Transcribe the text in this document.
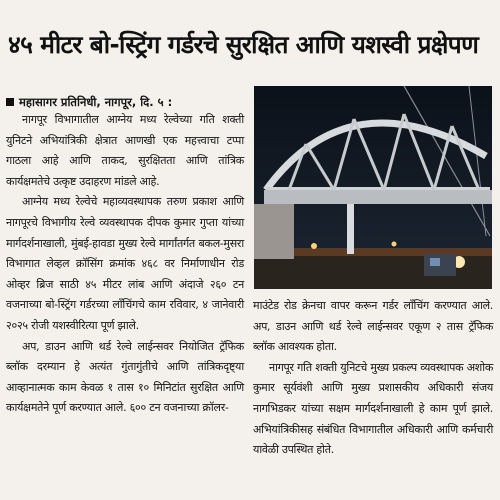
४५ मीटर बो-स्ट्रिंग गर्डरचे सुरक्षित आणि यशस्वी प्रक्षेपण
महासागर प्रतिनिधी, नागपूर, दि. ५ :

नागपूर विभागातील आग्नेय मध्य रेल्वेच्या गति शक्ती युनिटने अभियांत्रिकी क्षेत्रात आणखी एक महत्त्वाचा टप्पा गाठला आहे आणि ताकद, सुरक्षितता आणि तांत्रिक कार्यक्षमतेचे उत्कृष्ट उदाहरण मांडले आहे.

आग्नेय मध्य रेल्वेचे महाव्यवस्थापक तरुण प्रकाश आणि नागपूरचे विभागीय रेल्वे व्यवस्थापक दीपक कुमार गुप्ता यांच्या मार्गदर्शनाखाली, मुंबई-हावडा मुख्य रेल्वे मार्गांतर्गत बकल-मुसरा विभागात लेव्हल क्रॉसिंग क्रमांक ४६८ वर निर्माणाधीन रोड ओव्हर ब्रिज साठी ४५ मीटर लांब आणि अंदाजे २६० टन वजनाच्या बो-स्ट्रिंग गर्डरच्या लॉंचिंगचे काम रविवार, ४ जानेवारी २०२५ रोजी यशस्वीरित्या पूर्ण झाले.

अप, डाउन आणि थर्ड रेल्वे लाईन्सवर नियोजित ट्रॅफिक ब्लॉक दरम्यान हे अत्यंत गुंतागुंतीचे आणि तांत्रिकदृष्ट्या आव्हानात्मक काम केवळ १ तास १० मिनिटांत सुरक्षित आणि कार्यक्षमतेने पूर्ण करण्यात आले. ६०० टन वजनाच्या क्रॉलर-

माउंटेड रोड क्रेनचा वापर करून गर्डर लॉंचिंग करण्यात आले. अप, डाउन आणि थर्ड रेल्वे लाईन्सवर एकूण २ तास ट्रॅफिक ब्लॉक आवश्यक होता.

नागपूर गति शक्ती युनिटचे मुख्य प्रकल्प व्यवस्थापक अशोक कुमार सूर्यवंशी आणि मुख्य प्रशासकीय अधिकारी संजय नागभिडकर यांच्या सक्षम मार्गदर्शनाखाली हे काम पूर्ण झाले. अभियांत्रिकीसह संबंधित विभागातील अधिकारी आणि कर्मचारी यावेळी उपस्थित होते.
